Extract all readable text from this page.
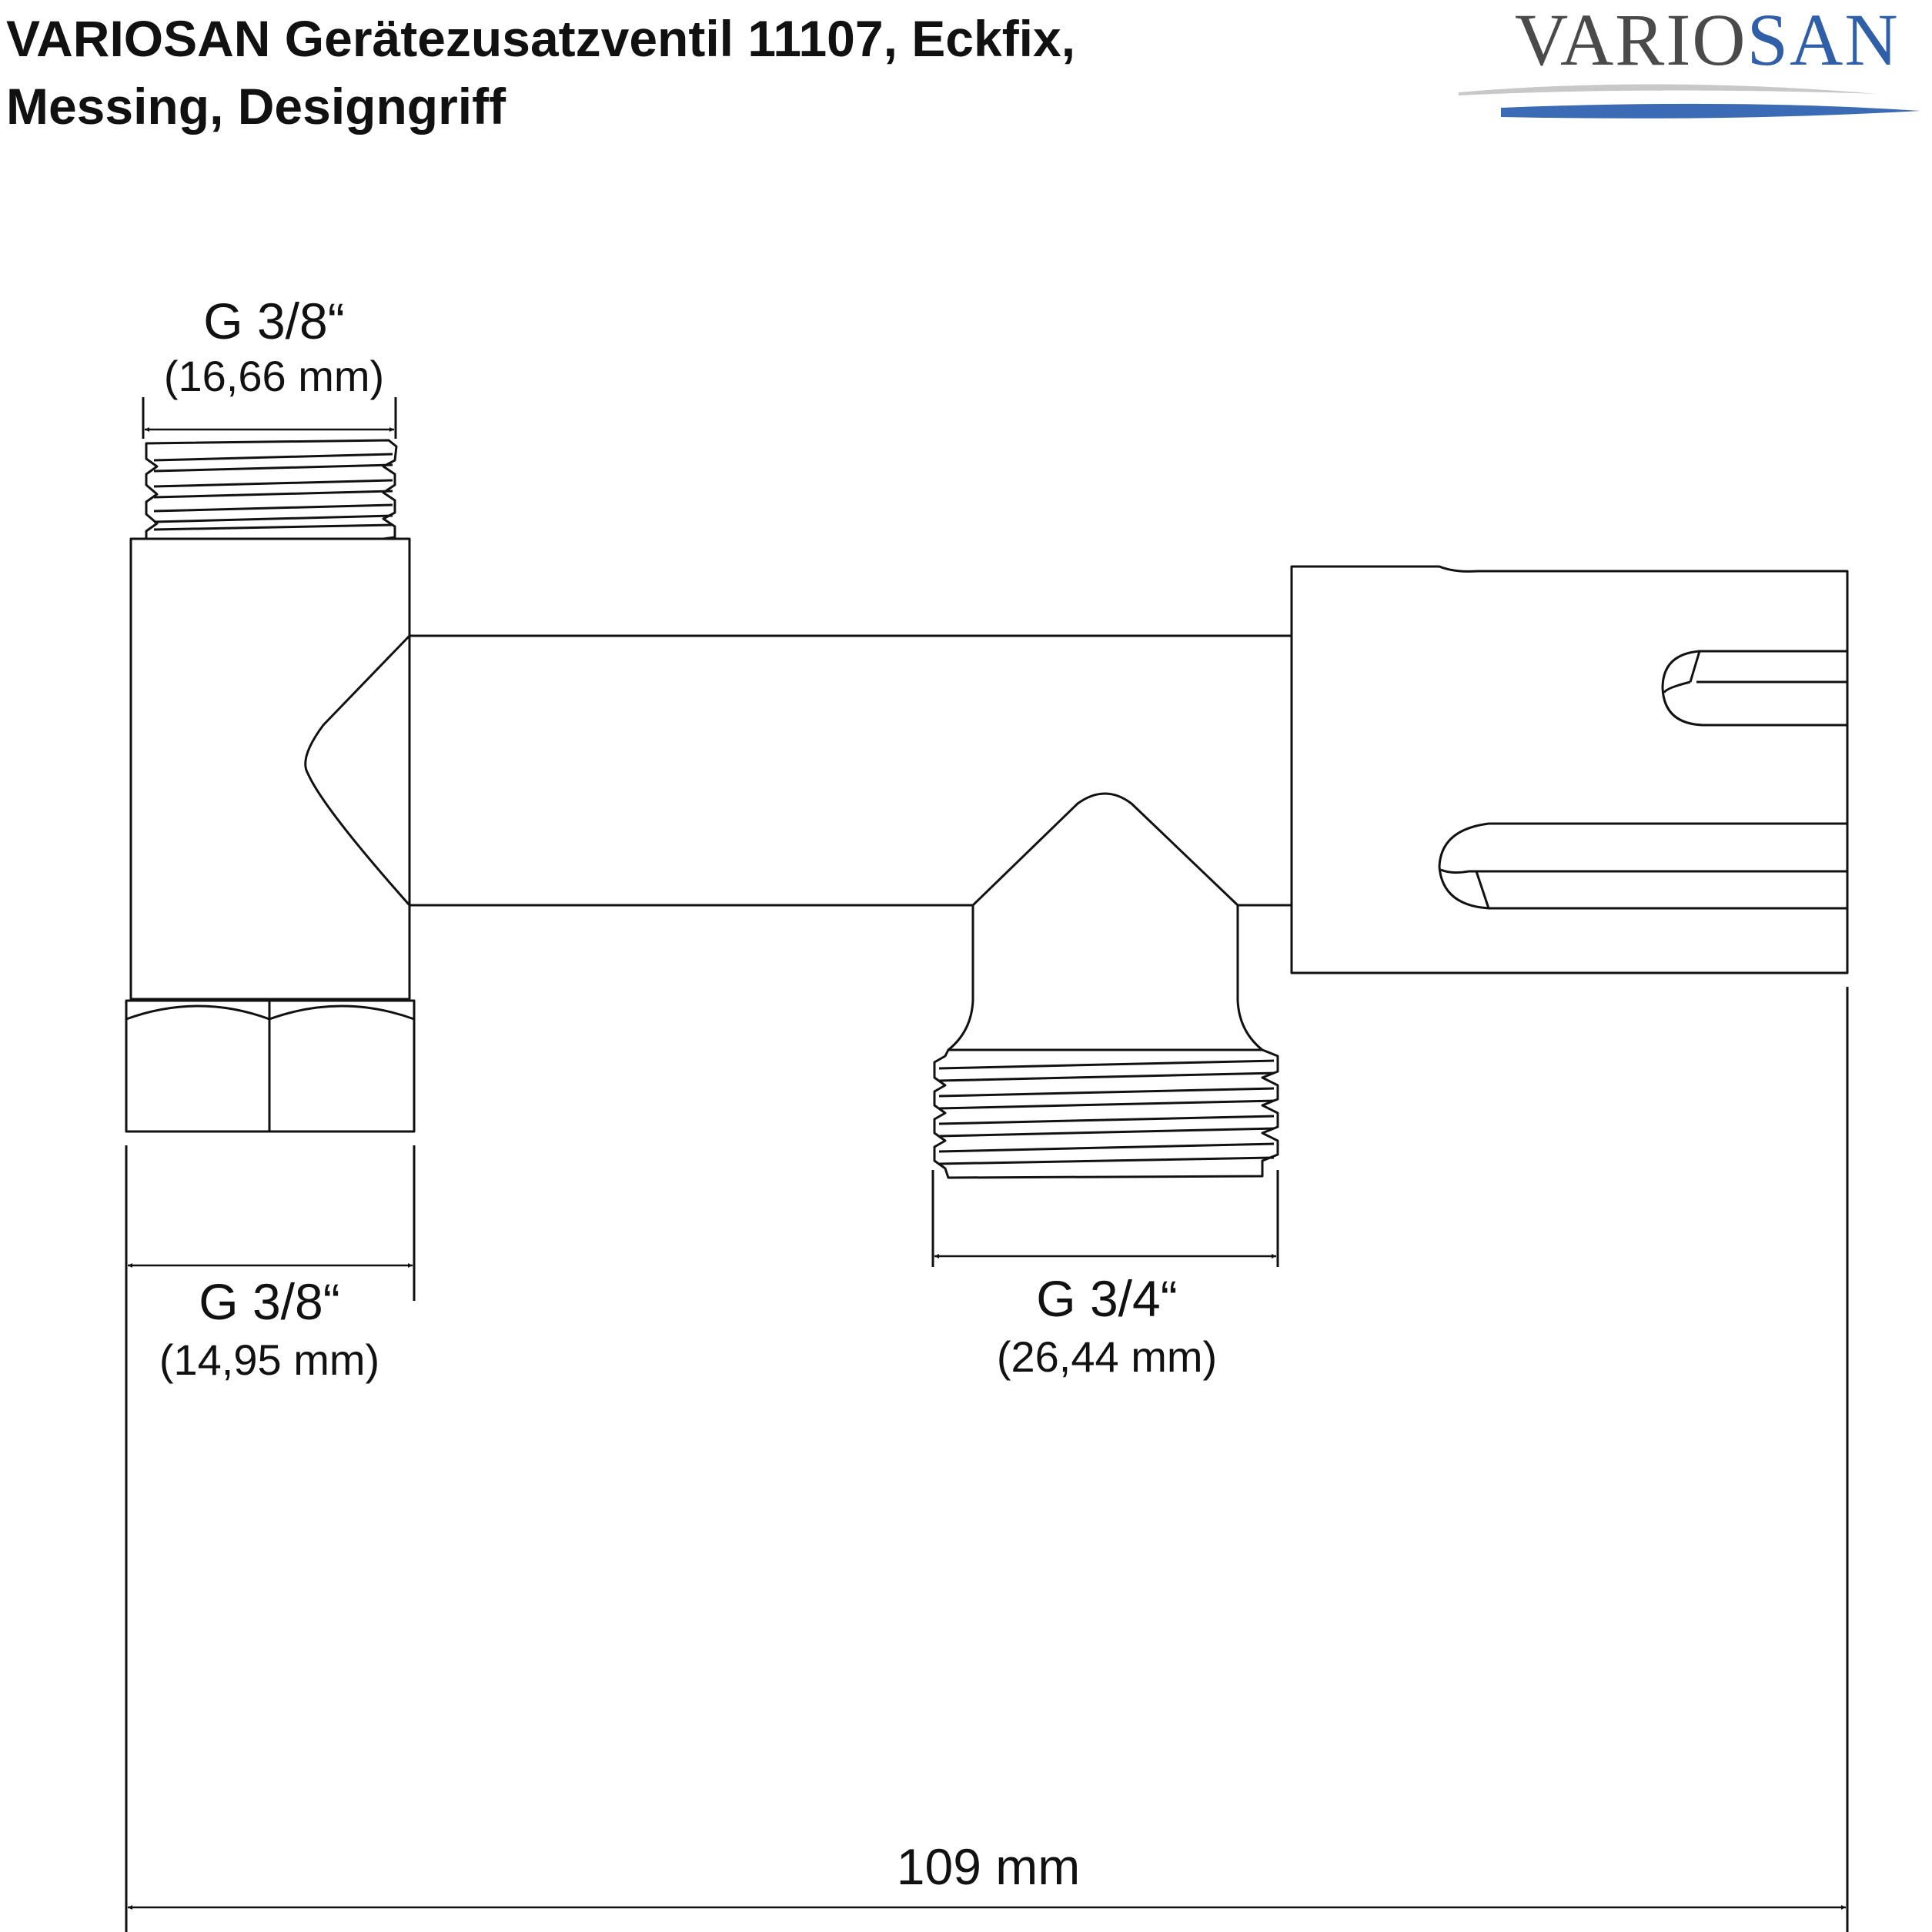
VARIOSAN Gerätezusatzventil 11107, Eckfix,
Messing, Designgriff
VARIOSAN
G 3/8“
(16,66 mm)
G 3/8“
(14,95 mm)
G 3/4“
(26,44 mm)
109 mm
